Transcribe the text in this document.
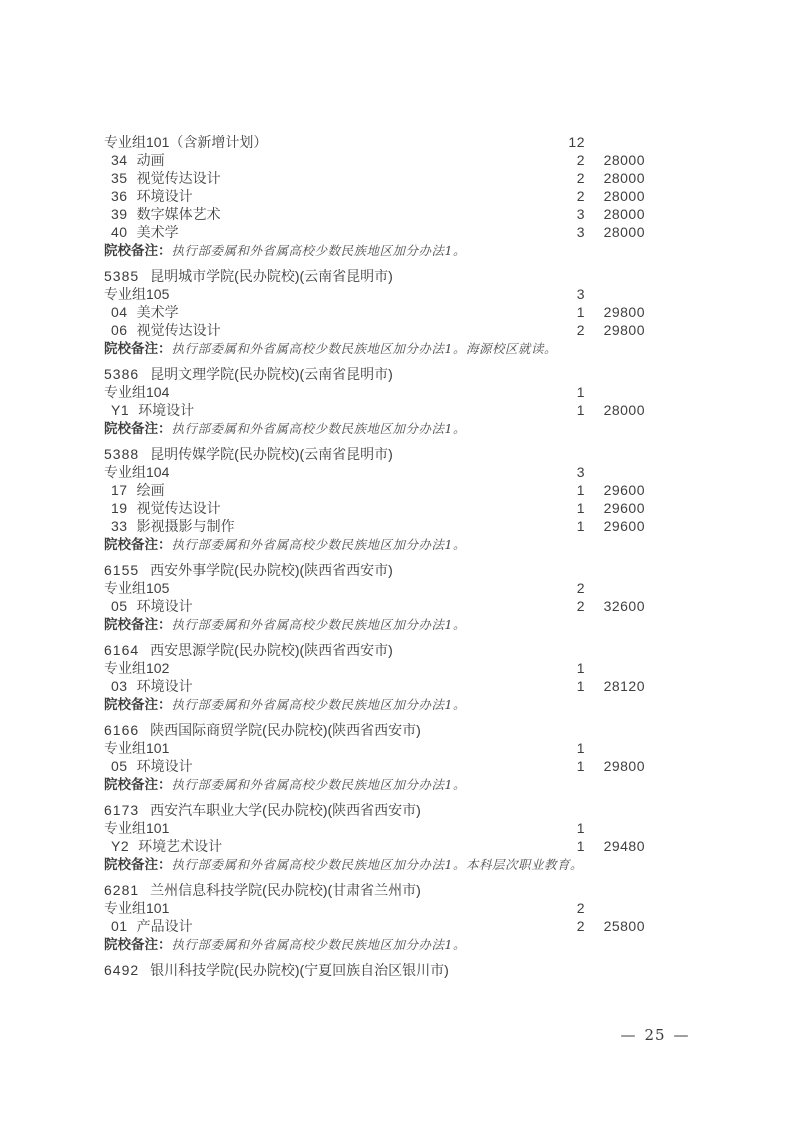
专业组101（含新增计划）	12
34 动画	2	28000
35 视觉传达设计	2	28000
36 环境设计	2	28000
39 数字媒体艺术	3	28000
40 美术学	3	28000
院校备注： 执行部委属和外省属高校少数民族地区加分办法1。
5385 昆明城市学院(民办院校)(云南省昆明市)
专业组105	3
04 美术学	1	29800
06 视觉传达设计	2	29800
院校备注： 执行部委属和外省属高校少数民族地区加分办法1。海源校区就读。
5386 昆明文理学院(民办院校)(云南省昆明市)
专业组104	1
Y1 环境设计	1	28000
院校备注： 执行部委属和外省属高校少数民族地区加分办法1。
5388 昆明传媒学院(民办院校)(云南省昆明市)
专业组104	3
17 绘画	1	29600
19 视觉传达设计	1	29600
33 影视摄影与制作	1	29600
院校备注： 执行部委属和外省属高校少数民族地区加分办法1。
6155 西安外事学院(民办院校)(陕西省西安市)
专业组105	2
05 环境设计	2	32600
院校备注： 执行部委属和外省属高校少数民族地区加分办法1。
6164 西安思源学院(民办院校)(陕西省西安市)
专业组102	1
03 环境设计	1	28120
院校备注： 执行部委属和外省属高校少数民族地区加分办法1。
6166 陕西国际商贸学院(民办院校)(陕西省西安市)
专业组101	1
05 环境设计	1	29800
院校备注： 执行部委属和外省属高校少数民族地区加分办法1。
6173 西安汽车职业大学(民办院校)(陕西省西安市)
专业组101	1
Y2 环境艺术设计	1	29480
院校备注： 执行部委属和外省属高校少数民族地区加分办法1。本科层次职业教育。
6281 兰州信息科技学院(民办院校)(甘肃省兰州市)
专业组101	2
01 产品设计	2	25800
院校备注： 执行部委属和外省属高校少数民族地区加分办法1。
6492 银川科技学院(民办院校)(宁夏回族自治区银川市)
— 25 —
